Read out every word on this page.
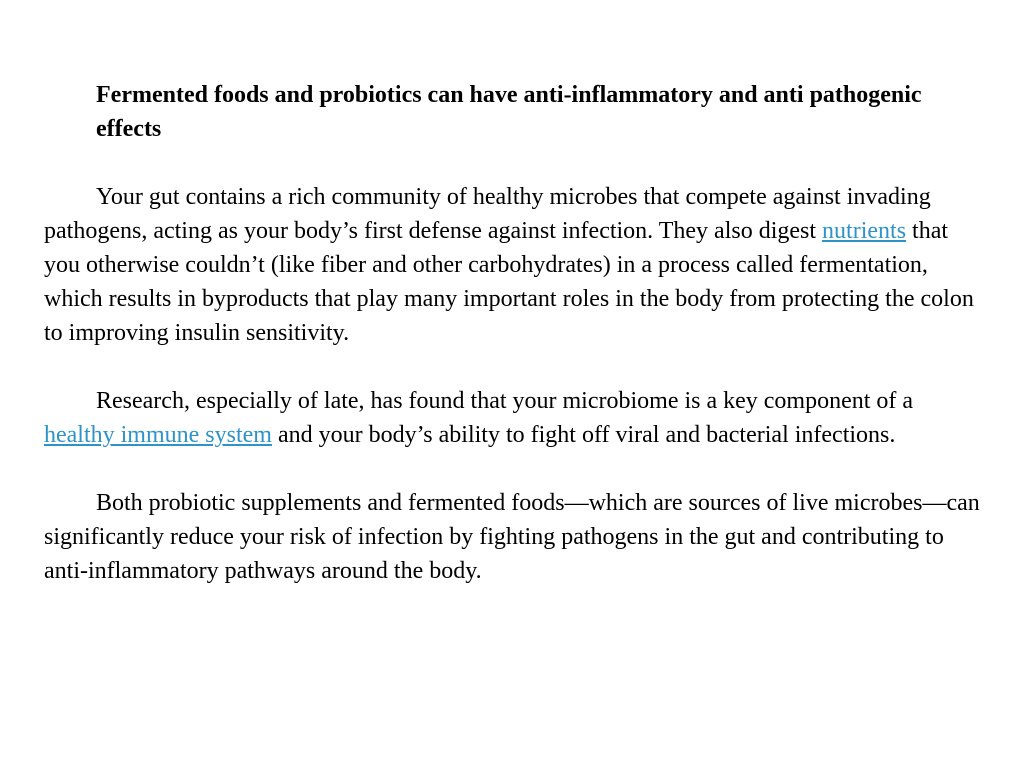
Fermented foods and probiotics can have anti-inflammatory and anti pathogenic effects

Your gut contains a rich community of healthy microbes that compete against invading pathogens, acting as your body’s first defense against infection. They also digest nutrients that you otherwise couldn’t (like fiber and other carbohydrates) in a process called fermentation, which results in byproducts that play many important roles in the body from protecting the colon to improving insulin sensitivity.

Research, especially of late, has found that your microbiome is a key component of a healthy immune system and your body’s ability to fight off viral and bacterial infections.

Both probiotic supplements and fermented foods—which are sources of live microbes—can significantly reduce your risk of infection by fighting pathogens in the gut and contributing to anti-inflammatory pathways around the body.
